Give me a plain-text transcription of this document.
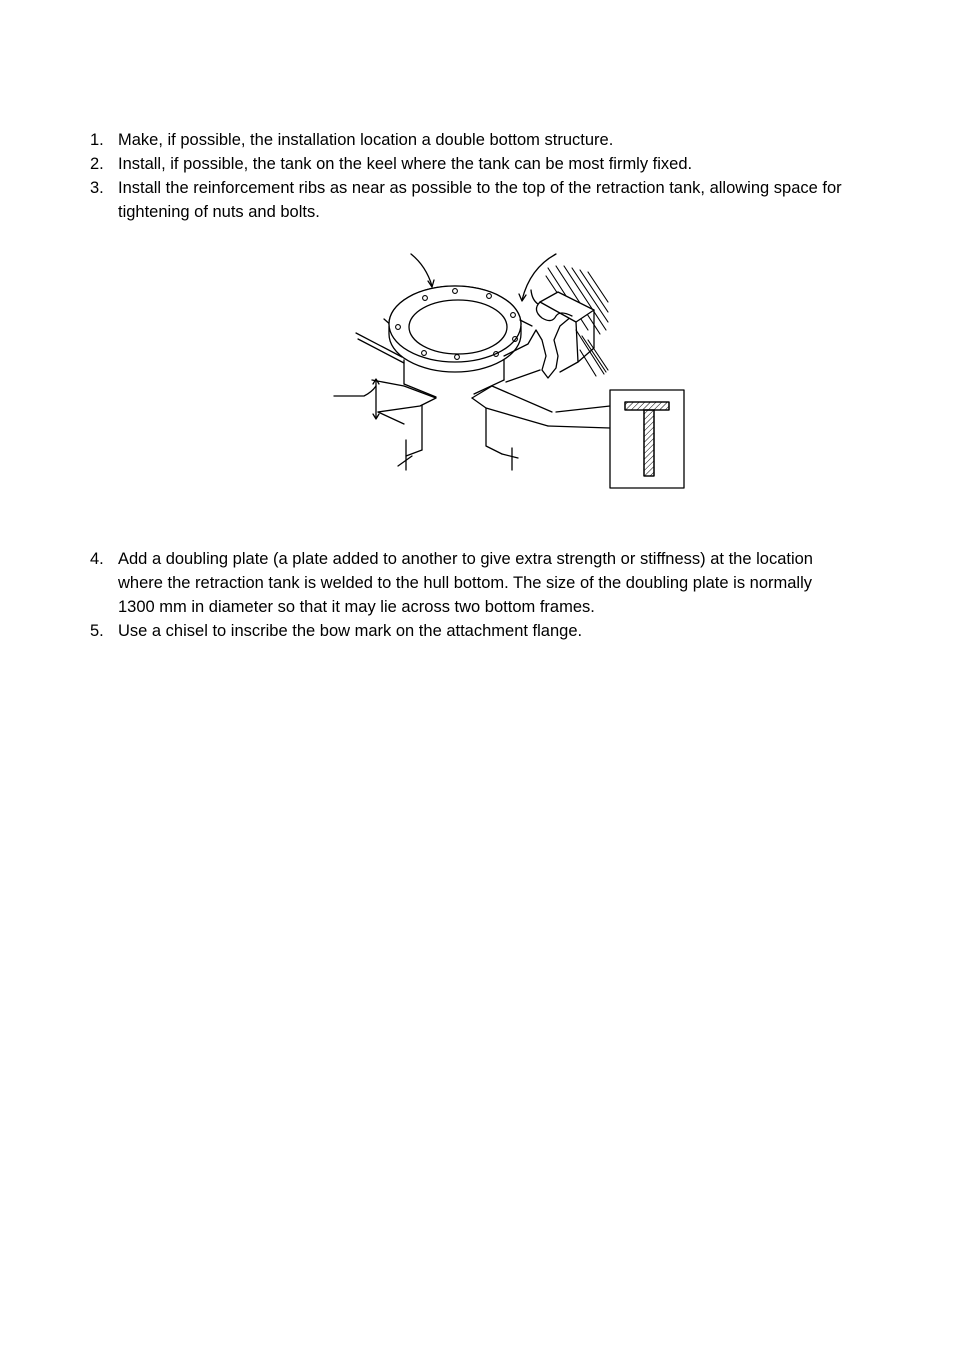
1. Make, if possible, the installation location a double bottom structure.
2. Install, if possible, the tank on the keel where the tank can be most firmly fixed.
3. Install the reinforcement ribs as near as possible to the top of the retraction tank, allowing space for tightening of nuts and bolts.
4. Add a doubling plate (a plate added to another to give extra strength or stiffness) at the location where the retraction tank is welded to the hull bottom. The size of the doubling plate is normally 1300 mm in diameter so that it may lie across two bottom frames.
5. Use a chisel to inscribe the bow mark on the attachment flange.
